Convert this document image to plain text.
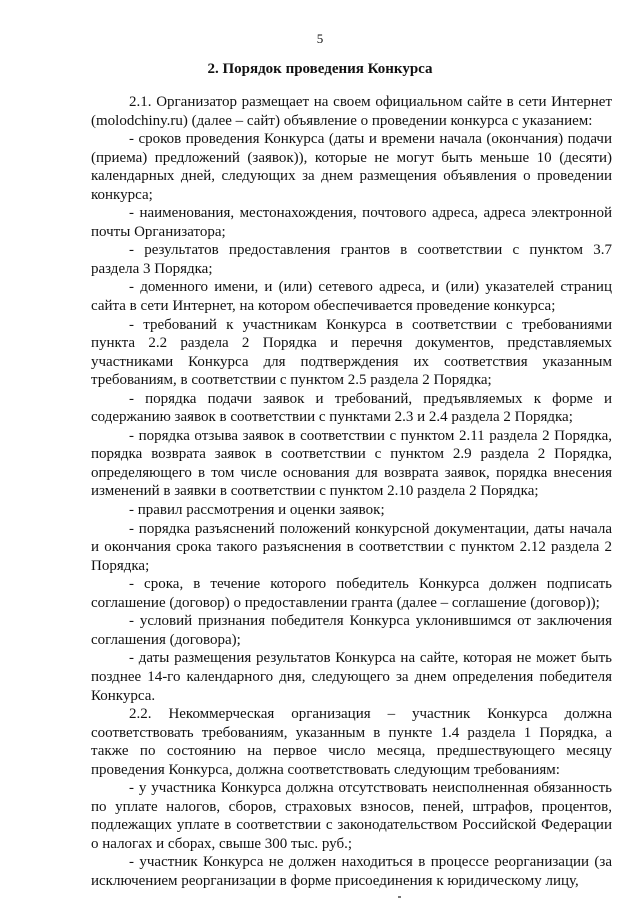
5
2. Порядок проведения Конкурса

2.1. Организатор размещает на своем официальном сайте в сети Интернет (molodchiny.ru) (далее – сайт) объявление о проведении конкурса с указанием:

- сроков проведения Конкурса (даты и времени начала (окончания) подачи (приема) предложений (заявок)), которые не могут быть меньше 10 (десяти) календарных дней, следующих за днем размещения объявления о проведении конкурса;

- наименования, местонахождения, почтового адреса, адреса электронной почты Организатора;

- результатов предоставления грантов в соответствии с пунктом 3.7 раздела 3 Порядка;

- доменного имени, и (или) сетевого адреса, и (или) указателей страниц сайта в сети Интернет, на котором обеспечивается проведение конкурса;

- требований к участникам Конкурса в соответствии с требованиями пункта 2.2 раздела 2 Порядка и перечня документов, представляемых участниками Конкурса для подтверждения их соответствия указанным требованиям, в соответствии с пунктом 2.5 раздела 2 Порядка;

- порядка подачи заявок и требований, предъявляемых к форме и содержанию заявок в соответствии с пунктами 2.3 и 2.4 раздела 2 Порядка;

- порядка отзыва заявок в соответствии с пунктом 2.11 раздела 2 Порядка, порядка возврата заявок в соответствии с пунктом 2.9 раздела 2 Порядка, определяющего в том числе основания для возврата заявок, порядка внесения изменений в заявки в соответствии с пунктом 2.10 раздела 2 Порядка;

- правил рассмотрения и оценки заявок;

- порядка разъяснений положений конкурсной документации, даты начала и окончания срока такого разъяснения в соответствии с пунктом 2.12 раздела 2 Порядка;

- срока, в течение которого победитель Конкурса должен подписать соглашение (договор) о предоставлении гранта (далее – соглашение (договор));

- условий признания победителя Конкурса уклонившимся от заключения соглашения (договора);

- даты размещения результатов Конкурса на сайте, которая не может быть позднее 14-го календарного дня, следующего за днем определения победителя Конкурса.

2.2. Некоммерческая организация – участник Конкурса должна соответствовать требованиям, указанным в пункте 1.4 раздела 1 Порядка, а также по состоянию на первое число месяца, предшествующего месяцу проведения Конкурса, должна соответствовать следующим требованиям:

- у участника Конкурса должна отсутствовать неисполненная обязанность по уплате налогов, сборов, страховых взносов, пеней, штрафов, процентов, подлежащих уплате в соответствии с законодательством Российской Федерации о налогах и сборах, свыше 300 тыс. руб.;

- участник Конкурса не должен находиться в процессе реорганизации (за исключением реорганизации в форме присоединения к юридическому лицу,
